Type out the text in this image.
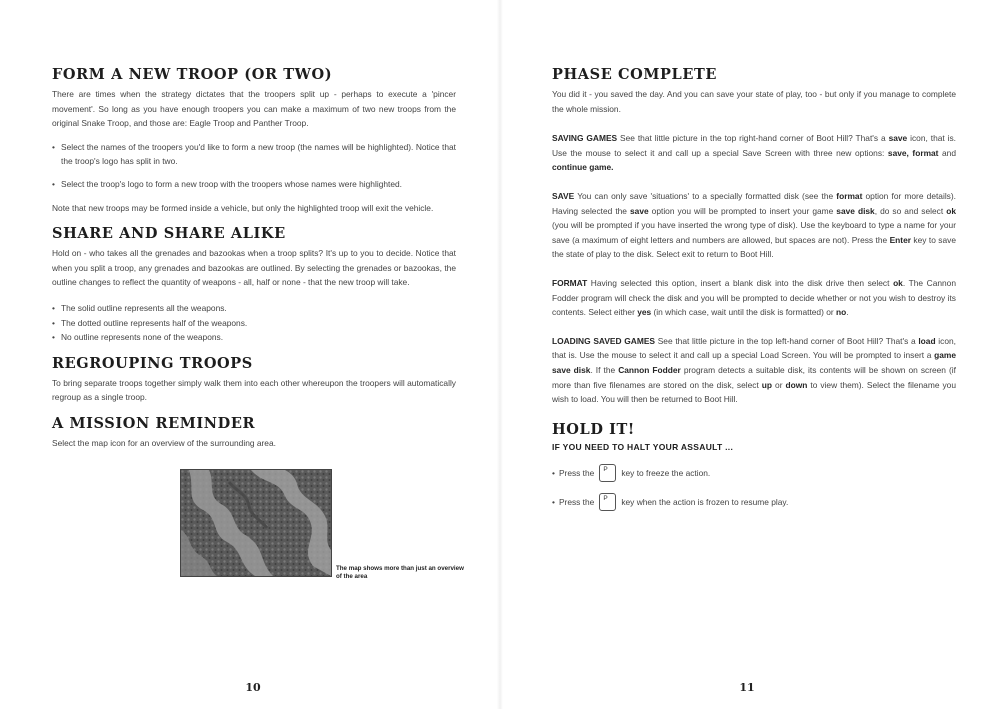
FORM A NEW TROOP (OR TWO)

There are times when the strategy dictates that the troopers split up - perhaps to execute a 'pincer movement'. So long as you have enough troopers you can make a maximum of two new troops from the original Snake Troop, and those are: Eagle Troop and Panther Troop.

• Select the names of the troopers you'd like to form a new troop (the names will be highlighted). Notice that the troop's logo has split in two.

• Select the troop's logo to form a new troop with the troopers whose names were highlighted.

Note that new troops may be formed inside a vehicle, but only the highlighted troop will exit the vehicle.

SHARE AND SHARE ALIKE

Hold on - who takes all the grenades and bazookas when a troop splits? It's up to you to decide. Notice that when you split a troop, any grenades and bazookas are outlined. By selecting the grenades or bazookas, the outline changes to reflect the quantity of weapons - all, half or none - that the new troop will take.

• The solid outline represents all the weapons.

• The dotted outline represents half of the weapons.

• No outline represents none of the weapons.

REGROUPING TROOPS

To bring separate troops together simply walk them into each other whereupon the troopers will automatically regroup as a single troop.

A MISSION REMINDER

Select the map icon for an overview of the surrounding area.

The map shows more than just an overview of the area
10
PHASE COMPLETE

You did it - you saved the day. And you can save your state of play, too - but only if you manage to complete the whole mission.

SAVING GAMES See that little picture in the top right-hand corner of Boot Hill? That's a save icon, that is. Use the mouse to select it and call up a special Save Screen with three new options: save, format and continue game.

SAVE You can only save 'situations' to a specially formatted disk (see the format option for more details). Having selected the save option you will be prompted to insert your game save disk, do so and select ok (you will be prompted if you have inserted the wrong type of disk). Use the keyboard to type a name for your save (a maximum of eight letters and numbers are allowed, but spaces are not). Press the Enter key to save the state of play to the disk. Select exit to return to Boot Hill.

FORMAT Having selected this option, insert a blank disk into the disk drive then select ok. The Cannon Fodder program will check the disk and you will be prompted to decide whether or not you wish to destroy its contents. Select either yes (in which case, wait until the disk is formatted) or no.

LOADING SAVED GAMES See that little picture in the top left-hand corner of Boot Hill? That's a load icon, that is. Use the mouse to select it and call up a special Load Screen. You will be prompted to insert a game save disk. If the Cannon Fodder program detects a suitable disk, its contents will be shown on screen (if more than five filenames are stored on the disk, select up or down to view them). Select the filename you wish to load. You will then be returned to Boot Hill.

HOLD IT!
IF YOU NEED TO HALT YOUR ASSAULT ...
• Press the P key to freeze the action.
• Press the P key when the action is frozen to resume play.
11
